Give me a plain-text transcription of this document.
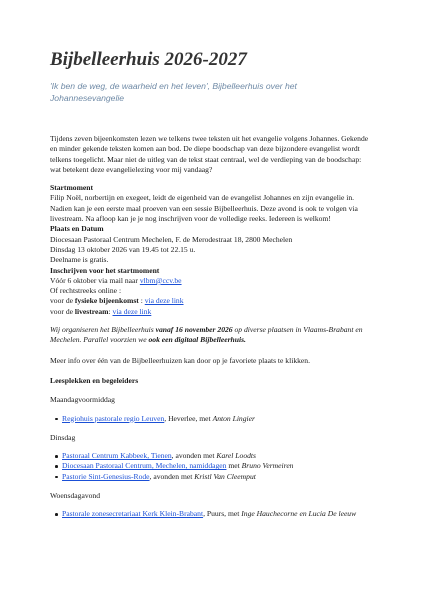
Bijbelleerhuis 2026-2027
'Ik ben de weg, de waarheid en het leven', Bijbelleerhuis over het Johannesevangelie

Tijdens zeven bijeenkomsten lezen we telkens twee teksten uit het evangelie volgens Johannes. Gekende en minder gekende teksten komen aan bod. De diepe boodschap van deze bijzondere evangelist wordt telkens toegelicht. Maar niet de uitleg van de tekst staat centraal, wel de verdieping van de boodschap: wat betekent deze evangelielezing voor mij vandaag?

Startmoment

Filip Noël, norbertijn en exegeet, leidt de eigenheid van de evangelist Johannes en zijn evangelie in. Nadien kan je een eerste maal proeven van een sessie Bijbelleerhuis. Deze avond is ook te volgen via livestream. Na afloop kan je je nog inschrijven voor de volledige reeks. Iedereen is welkom!

Plaats en Datum

Diocesaan Pastoraal Centrum Mechelen, F. de Merodestraat 18, 2800 Mechelen

Dinsdag 13 oktober 2026 van 19.45 tot 22.15 u.

Deelname is gratis.

Inschrijven voor het startmoment

Vóór 6 oktober via mail naar vlbm@ccv.be

Of rechtstreeks online :

voor de fysieke bijeenkomst : via deze link

voor de livestream: via deze link

Wij organiseren het Bijbelleerhuis vanaf 16 november 2026 op diverse plaatsen in Vlaams-Brabant en Mechelen. Parallel voorzien we ook een digitaal Bijbelleerhuis.

Meer info over één van de Bijbelleerhuizen kan door op je favoriete plaats te klikken.

Leesplekken en begeleiders

Maandagvoormiddag

Regiohuis pastorale regio Leuven, Heverlee, met Anton Lingier

Dinsdag

Pastoraal Centrum Kabbeek, Tienen, avonden met Karel Loodts
Diocesaan Pastoraal Centrum, Mechelen, namiddagen met Bruno Vermeiren
Pastorie Sint-Genesius-Rode, avonden met Kristl Van Cleemput

Woensdagavond

Pastorale zonesecretariaat Kerk Klein-Brabant, Puurs, met Inge Hauchecorne en Lucia De leeuw
